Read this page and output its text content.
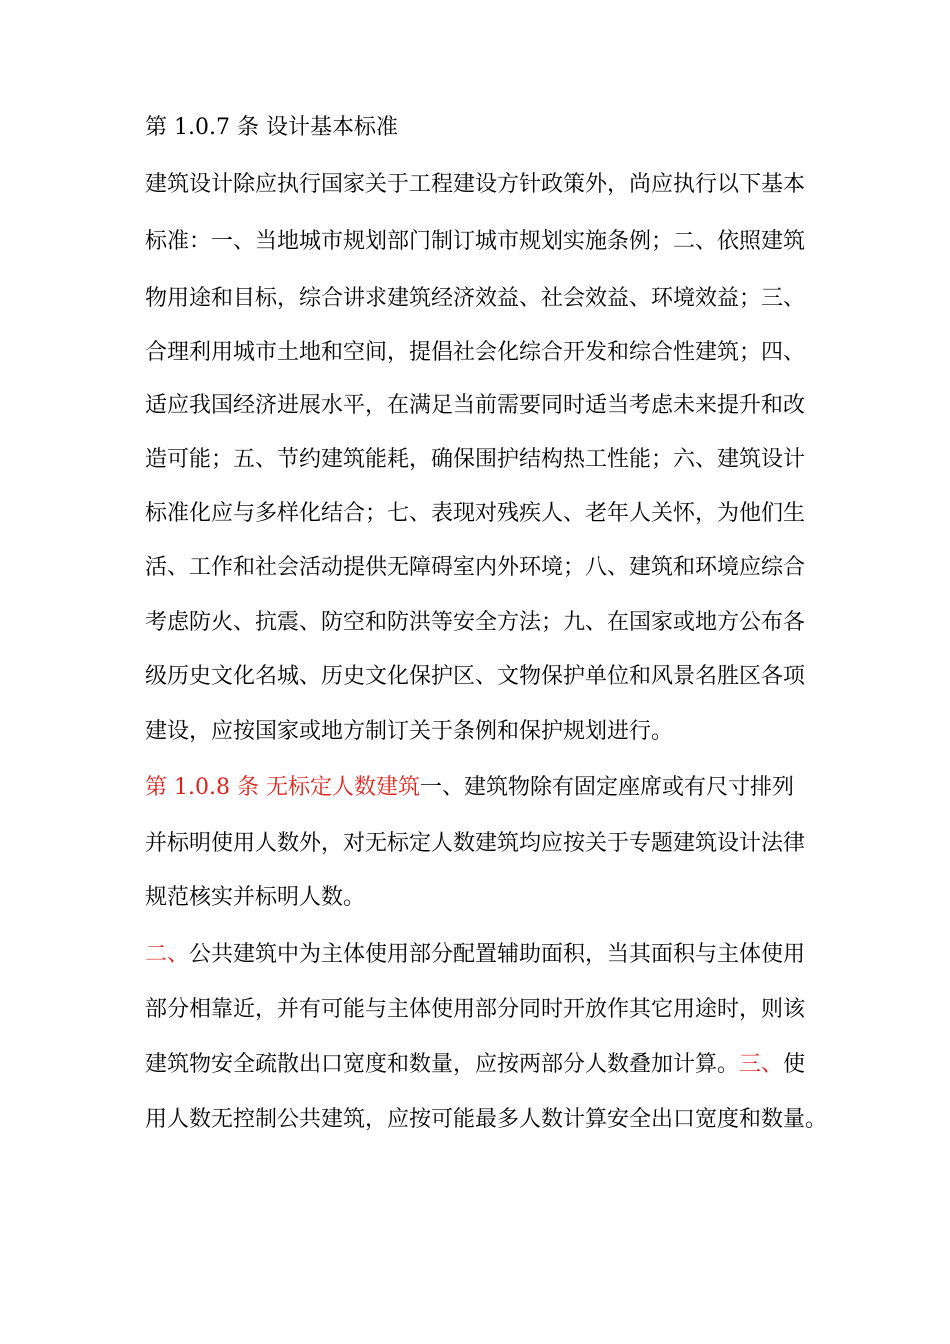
第 1.0.7 条 设计基本标准
建筑设计除应执行国家关于工程建设方针政策外，尚应执行以下基本
标准：一、当地城市规划部门制订城市规划实施条例；二、依照建筑
物用途和目标，综合讲求建筑经济效益、社会效益、环境效益；三、
合理利用城市土地和空间，提倡社会化综合开发和综合性建筑；四、
适应我国经济进展水平，在满足当前需要同时适当考虑未来提升和改
造可能；五、节约建筑能耗，确保围护结构热工性能；六、建筑设计
标准化应与多样化结合；七、表现对残疾人、老年人关怀，为他们生
活、工作和社会活动提供无障碍室内外环境；八、建筑和环境应综合
考虑防火、抗震、防空和防洪等安全方法；九、在国家或地方公布各
级历史文化名城、历史文化保护区、文物保护单位和风景名胜区各项
建设，应按国家或地方制订关于条例和保护规划进行。
第 1.0.8 条 无标定人数建筑一、建筑物除有固定座席或有尺寸排列
并标明使用人数外，对无标定人数建筑均应按关于专题建筑设计法律
规范核实并标明人数。
二、公共建筑中为主体使用部分配置辅助面积，当其面积与主体使用
部分相靠近，并有可能与主体使用部分同时开放作其它用途时，则该
建筑物安全疏散出口宽度和数量，应按两部分人数叠加计算。三、使
用人数无控制公共建筑，应按可能最多人数计算安全出口宽度和数量。
